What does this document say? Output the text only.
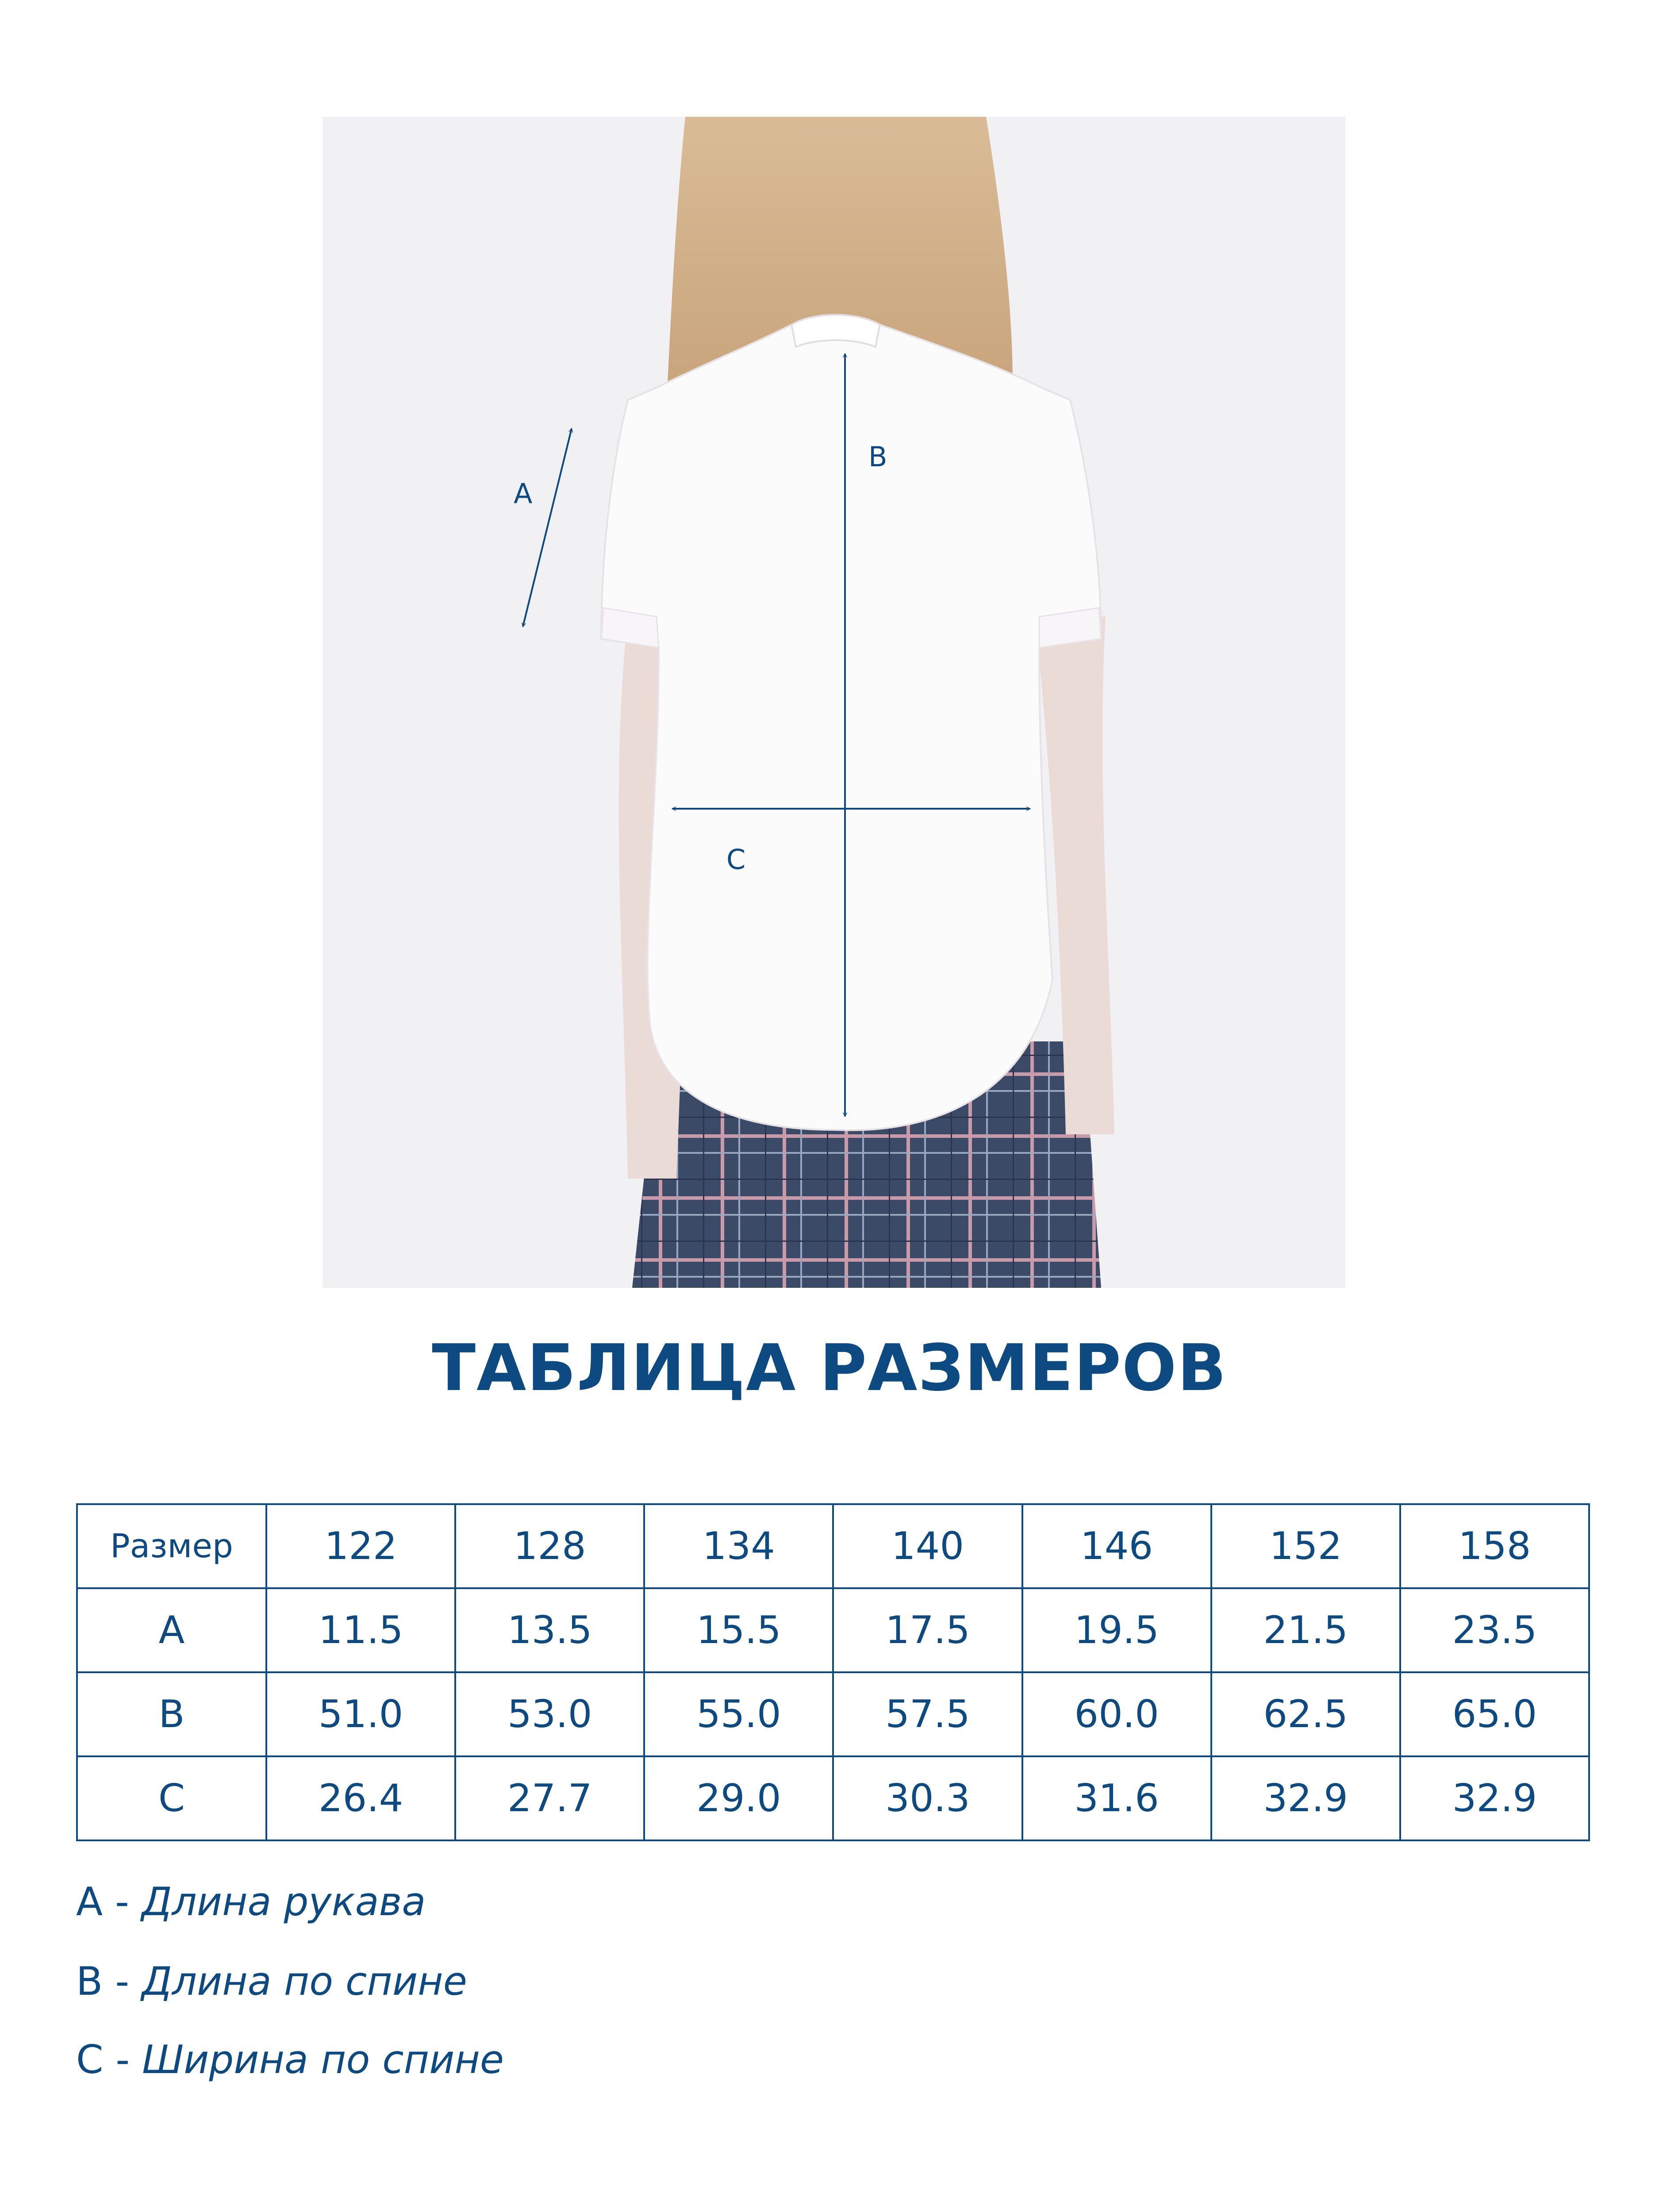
A
B
C
ТАБЛИЦА РАЗМЕРОВ
Размер	122	128	134	140	146	152	158
A	11.5	13.5	15.5	17.5	19.5	21.5	23.5
B	51.0	53.0	55.0	57.5	60.0	62.5	65.0
C	26.4	27.7	29.0	30.3	31.6	32.9	32.9
A - Длина рукава
B - Длина по спине
C - Ширина по спине
